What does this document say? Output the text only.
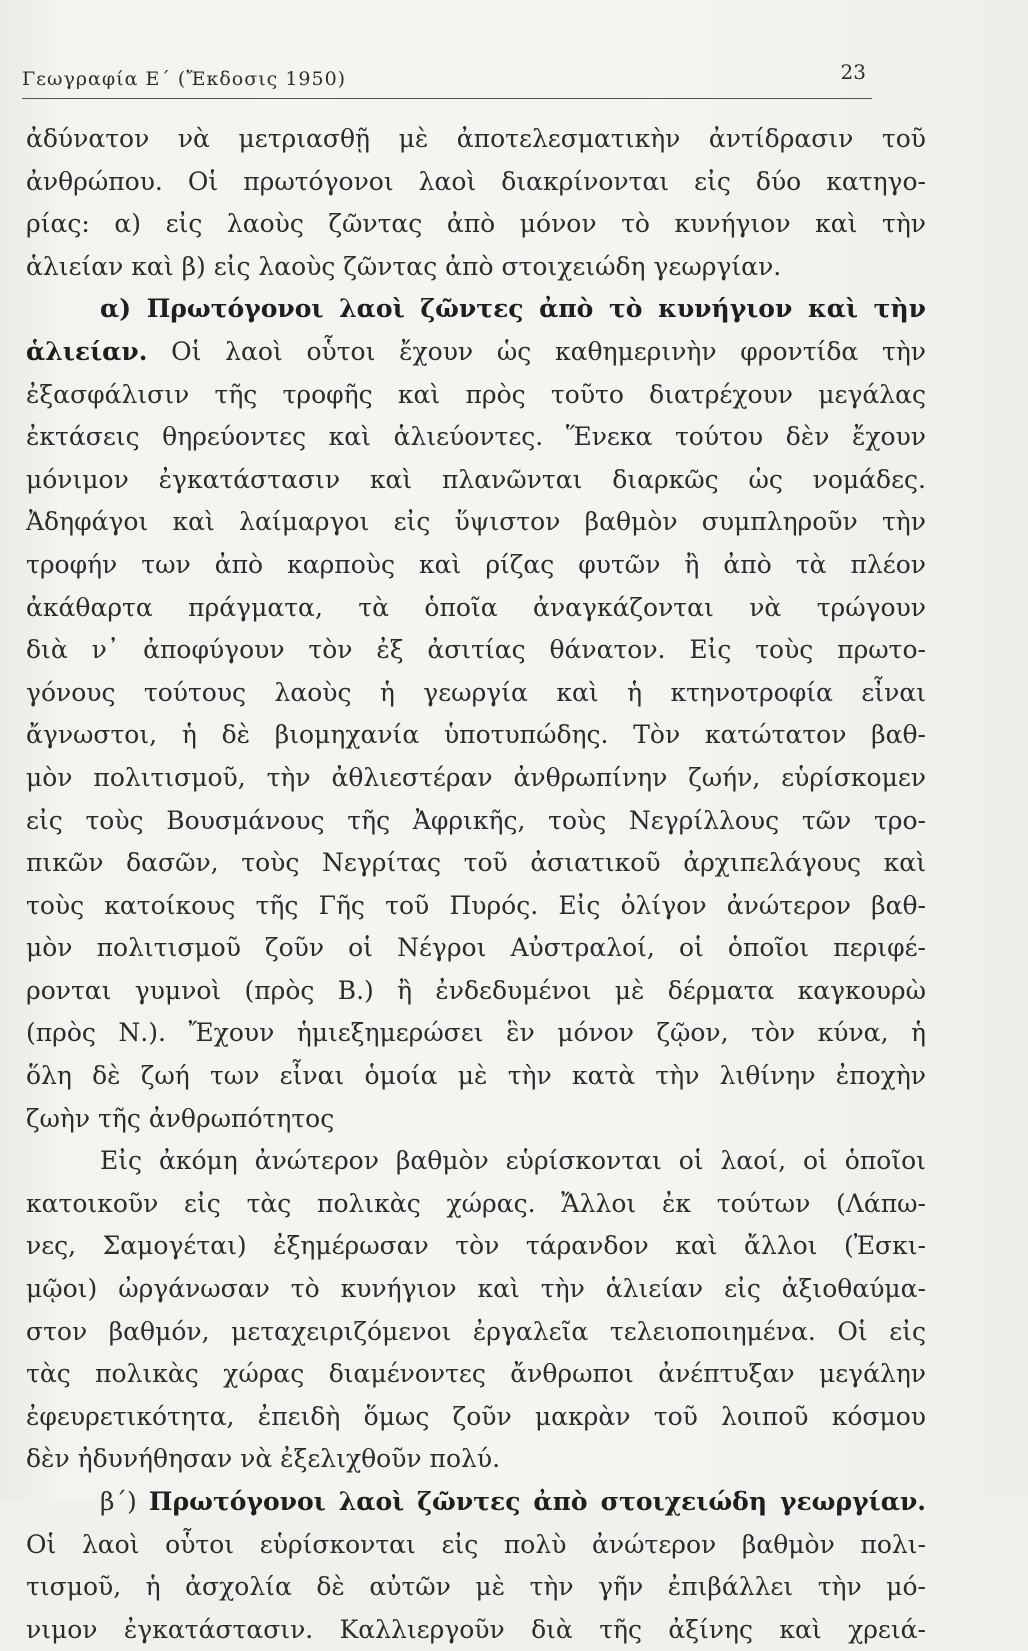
Γεωγραφία Ε΄ (Ἔκδοσις 1950)	23
ἀδύνατον νὰ μετριασθῇ μὲ ἀποτελεσματικὴν ἀντίδρασιν τοῦ
ἀνθρώπου. Οἱ πρωτόγονοι λαοὶ διακρίνονται εἰς δύο κατηγο-
ρίας: α) εἰς λαοὺς ζῶντας ἀπὸ μόνον τὸ κυνήγιον καὶ τὴν
ἁλιείαν καὶ β) εἰς λαοὺς ζῶντας ἀπὸ στοιχειώδη γεωργίαν.
α) Πρωτόγονοι λαοὶ ζῶντες ἀπὸ τὸ κυνήγιον καὶ τὴν
ἁλιείαν. Οἱ λαοὶ οὗτοι ἔχουν ὡς καθημερινὴν φροντίδα τὴν
ἐξασφάλισιν τῆς τροφῆς καὶ πρὸς τοῦτο διατρέχουν μεγάλας
ἐκτάσεις θηρεύοντες καὶ ἁλιεύοντες. Ἕνεκα τούτου δὲν ἔχουν
μόνιμον ἐγκατάστασιν καὶ πλανῶνται διαρκῶς ὡς νομάδες.
Ἀδηφάγοι καὶ λαίμαργοι εἰς ὕψιστον βαθμὸν συμπληροῦν τὴν
τροφήν των ἀπὸ καρποὺς καὶ ρίζας φυτῶν ἢ ἀπὸ τὰ πλέον
ἀκάθαρτα πράγματα, τὰ ὁποῖα ἀναγκάζονται νὰ τρώγουν
διὰ ν᾽ ἀποφύγουν τὸν ἐξ ἀσιτίας θάνατον. Εἰς τοὺς πρωτο-
γόνους τούτους λαοὺς ἡ γεωργία καὶ ἡ κτηνοτροφία εἶναι
ἄγνωστοι, ἡ δὲ βιομηχανία ὑποτυπώδης. Τὸν κατώτατον βαθ-
μὸν πολιτισμοῦ, τὴν ἀθλιεστέραν ἀνθρωπίνην ζωήν, εὑρίσκομεν
εἰς τοὺς Βουσμάνους τῆς Ἀφρικῆς, τοὺς Νεγρίλλους τῶν τρο-
πικῶν δασῶν, τοὺς Νεγρίτας τοῦ ἀσιατικοῦ ἀρχιπελάγους καὶ
τοὺς κατοίκους τῆς Γῆς τοῦ Πυρός. Εἰς ὀλίγον ἀνώτερον βαθ-
μὸν πολιτισμοῦ ζοῦν οἱ Νέγροι Αὐστραλοί, οἱ ὁποῖοι περιφέ-
ρονται γυμνοὶ (πρὸς Β.) ἢ ἐνδεδυμένοι μὲ δέρματα καγκουρὼ
(πρὸς Ν.). Ἔχουν ἡμιεξημερώσει ἓν μόνον ζῷον, τὸν κύνα, ἡ
ὅλη δὲ ζωή των εἶναι ὁμοία μὲ τὴν κατὰ τὴν λιθίνην ἐποχὴν
ζωὴν τῆς ἀνθρωπότητος
Εἰς ἀκόμη ἀνώτερον βαθμὸν εὑρίσκονται οἱ λαοί, οἱ ὁποῖοι
κατοικοῦν εἰς τὰς πολικὰς χώρας. Ἄλλοι ἐκ τούτων (Λάπω-
νες, Σαμογέται) ἐξημέρωσαν τὸν τάρανδον καὶ ἄλλοι (Ἐσκι-
μῷοι) ὠργάνωσαν τὸ κυνήγιον καὶ τὴν ἁλιείαν εἰς ἀξιοθαύμα-
στον βαθμόν, μεταχειριζόμενοι ἐργαλεῖα τελειοποιημένα. Οἱ εἰς
τὰς πολικὰς χώρας διαμένοντες ἄνθρωποι ἀνέπτυξαν μεγάλην
ἐφευρετικότητα, ἐπειδὴ ὅμως ζοῦν μακρὰν τοῦ λοιποῦ κόσμου
δὲν ἠδυνήθησαν νὰ ἐξελιχθοῦν πολύ.
β΄) Πρωτόγονοι λαοὶ ζῶντες ἀπὸ στοιχειώδη γεωργίαν.
Οἱ λαοὶ οὗτοι εὑρίσκονται εἰς πολὺ ἀνώτερον βαθμὸν πολι-
τισμοῦ, ἡ ἀσχολία δὲ αὐτῶν μὲ τὴν γῆν ἐπιβάλλει τὴν μό-
νιμον ἐγκατάστασιν. Καλλιεργοῦν διὰ τῆς ἀξίνης καὶ χρειά-
